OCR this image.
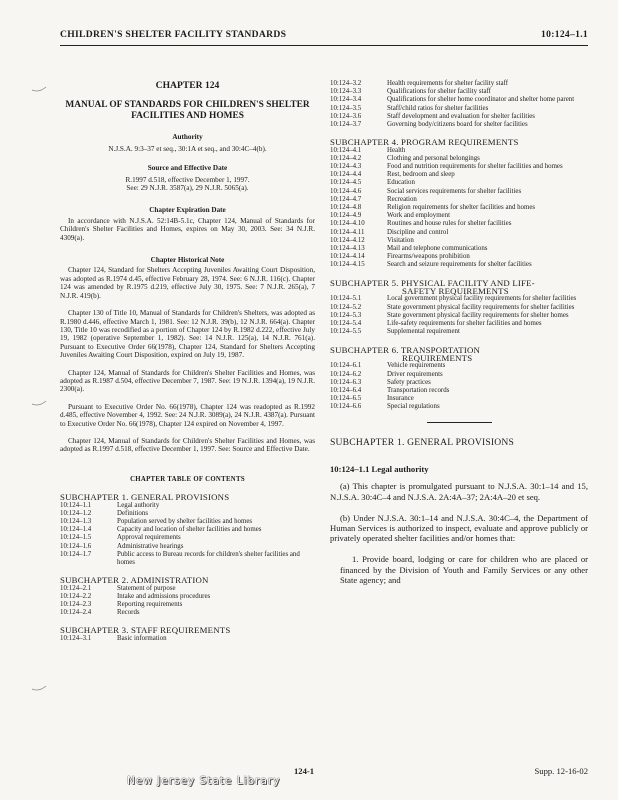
CHILDREN'S SHELTER FACILITY STANDARDS	10:124–1.1
CHAPTER 124
MANUAL OF STANDARDS FOR CHILDREN'S SHELTER FACILITIES AND HOMES
Authority
N.J.S.A. 9:3–37 et seq., 30:1A et seq., and 30:4C–4(b).
Source and Effective Date
R.1997 d.518, effective December 1, 1997.
See: 29 N.J.R. 3587(a), 29 N.J.R. 5065(a).
Chapter Expiration Date
In accordance with N.J.S.A. 52:14B-5.1c, Chapter 124, Manual of Standards for Children's Shelter Facilities and Homes, expires on May 30, 2003. See: 34 N.J.R. 4309(a).
Chapter Historical Note
Chapter 124, Standard for Shelters Accepting Juveniles Awaiting Court Disposition, was adopted as R.1974 d.45, effective February 28, 1974. See: 6 N.J.R. 116(c). Chapter 124 was amended by R.1975 d.219, effective July 30, 1975. See: 7 N.J.R. 265(a), 7 N.J.R. 419(b).
Chapter 130 of Title 10, Manual of Standards for Children's Shelters, was adopted as R.1980 d.446, effective March 1, 1981. See: 12 N.J.R. 39(b), 12 N.J.R. 664(a). Chapter 130, Title 10 was recodified as a portion of Chapter 124 by R.1982 d.222, effective July 19, 1982 (operative September 1, 1982). See: 14 N.J.R. 125(a), 14 N.J.R. 761(a). Pursuant to Executive Order 66(1978), Chapter 124, Standard for Shelters Accepting Juveniles Awaiting Court Disposition, expired on July 19, 1987.
Chapter 124, Manual of Standards for Children's Shelter Facilities and Homes, was adopted as R.1987 d.504, effective December 7, 1987. See: 19 N.J.R. 1394(a), 19 N.J.R. 2300(a).
Pursuant to Executive Order No. 66(1978), Chapter 124 was readopted as R.1992 d.485, effective November 4, 1992. See: 24 N.J.R. 3089(a), 24 N.J.R. 4387(a). Pursuant to Executive Order No. 66(1978), Chapter 124 expired on November 4, 1997.
Chapter 124, Manual of Standards for Children's Shelter Facilities and Homes, was adopted as R.1997 d.518, effective December 1, 1997. See: Source and Effective Date.
CHAPTER TABLE OF CONTENTS
SUBCHAPTER 1. GENERAL PROVISIONS
10:124–1.1	Legal authority
10:124–1.2	Definitions
10:124–1.3	Population served by shelter facilities and homes
10:124–1.4	Capacity and location of shelter facilities and homes
10:124–1.5	Approval requirements
10:124–1.6	Administrative hearings
10:124–1.7	Public access to Bureau records for children's shelter facilities and homes
SUBCHAPTER 2. ADMINISTRATION
10:124–2.1	Statement of purpose
10:124–2.2	Intake and admissions procedures
10:124–2.3	Reporting requirements
10:124–2.4	Records
SUBCHAPTER 3. STAFF REQUIREMENTS
10:124–3.1	Basic information
10:124–3.2	Health requirements for shelter facility staff
10:124–3.3	Qualifications for shelter facility staff
10:124–3.4	Qualifications for shelter home coordinator and shelter home parent
10:124–3.5	Staff/child ratios for shelter facilities
10:124–3.6	Staff development and evaluation for shelter facilities
10:124–3.7	Governing body/citizens board for shelter facilities
SUBCHAPTER 4. PROGRAM REQUIREMENTS
10:124–4.1	Health
10:124–4.2	Clothing and personal belongings
10:124–4.3	Food and nutrition requirements for shelter facilities and homes
10:124–4.4	Rest, bedroom and sleep
10:124–4.5	Education
10:124–4.6	Social services requirements for shelter facilities
10:124–4.7	Recreation
10:124–4.8	Religion requirements for shelter facilities and homes
10:124–4.9	Work and employment
10:124–4.10	Routines and house rules for shelter facilities
10:124–4.11	Discipline and control
10:124–4.12	Visitation
10:124–4.13	Mail and telephone communications
10:124–4.14	Firearms/weapons prohibition
10:124–4.15	Search and seizure requirements for shelter facilities
SUBCHAPTER 5. PHYSICAL FACILITY AND LIFE-
SAFETY REQUIREMENTS
10:124–5.1	Local government physical facility requirements for shelter facilities
10:124–5.2	State government physical facility requirements for shelter facilities
10:124–5.3	State government physical facility requirements for shelter homes
10:124–5.4	Life-safety requirements for shelter facilities and homes
10:124–5.5	Supplemental requirement
SUBCHAPTER 6. TRANSPORTATION
REQUIREMENTS
10:124–6.1	Vehicle requirements
10:124–6.2	Driver requirements
10:124–6.3	Safety practices
10:124–6.4	Transportation records
10:124–6.5	Insurance
10:124–6.6	Special regulations
SUBCHAPTER 1. GENERAL PROVISIONS
10:124–1.1 Legal authority
(a) This chapter is promulgated pursuant to N.J.S.A. 30:1–14 and 15, N.J.S.A. 30:4C–4 and N.J.S.A. 2A:4A–37; 2A:4A–20 et seq.
(b) Under N.J.S.A. 30:1–14 and N.J.S.A. 30:4C–4, the Department of Human Services is authorized to inspect, evaluate and approve publicly or privately operated shelter facilities and/or homes that:
1. Provide board, lodging or care for children who are placed or financed by the Division of Youth and Family Services or any other State agency; and
124-1	Supp. 12-16-02
New Jersey State Library
